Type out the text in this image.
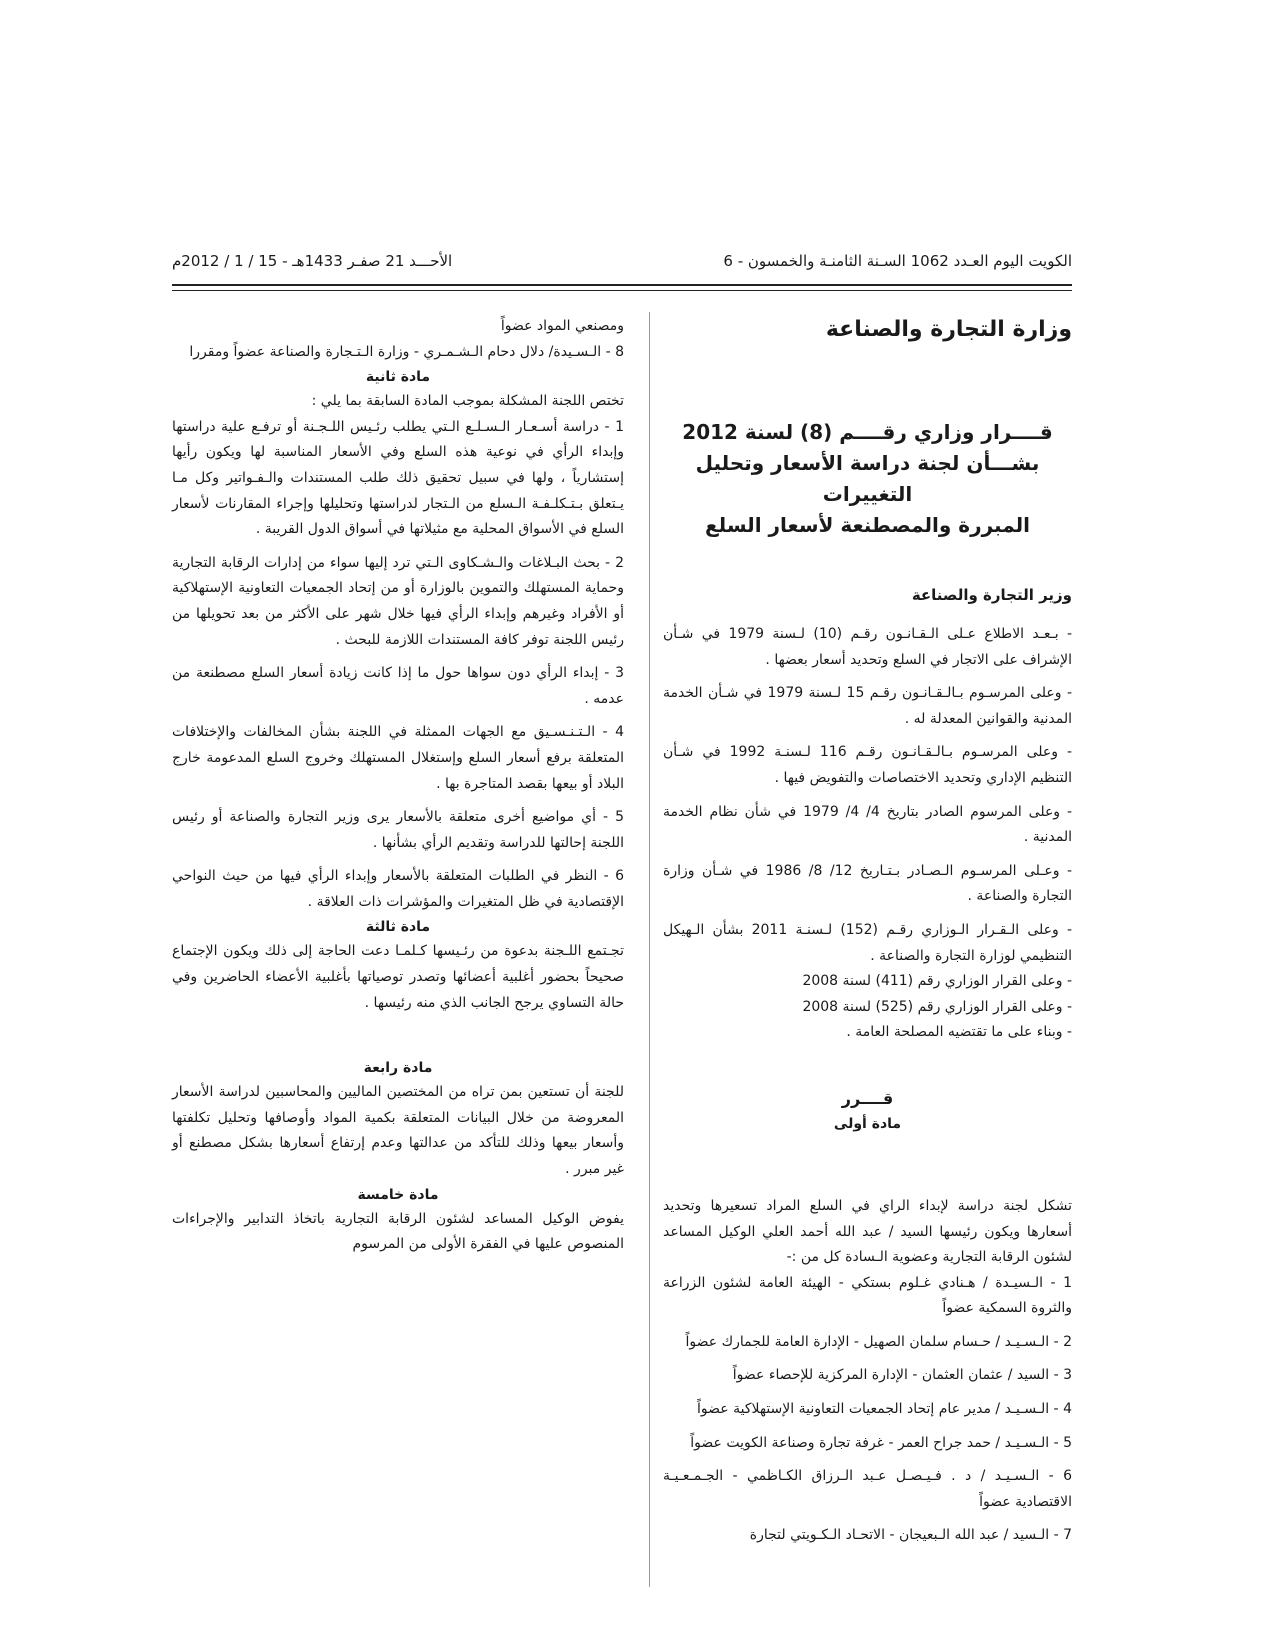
الأحـــد 21 صفـر 1433هـ - 15 / 1 / 2012م	الكويت اليوم العـدد 1062 السـنة الثامنـة والخمسون - 6

وزارة التجارة والصناعة

قــــرار وزاري رقــــم (8) لسنة 2012
بشـــأن لجنة دراسة الأسعار وتحليل التغييرات
المبررة والمصطنعة لأسعار السلع

وزير التجارة والصناعة

- بـعـد الاطلاع عـلى الـقـانـون رقـم (10) لـسنة 1979 في شـأن الإشراف على الاتجار في السلع وتحديد أسعار بعضها .

- وعلى المرسـوم بـالـقـانـون رقـم 15 لـسنة 1979 في شـأن الخدمة المدنية والقوانين المعدلة له .

- وعلى المرسـوم بـالـقـانـون رقـم 116 لـسنـة 1992 في شـأن التنظيم الإداري وتحديد الاختصاصات والتفويض فيها .

- وعلى المرسوم الصادر بتاريخ 4/ 4/ 1979 في شأن نظام الخدمة المدنية .

- وعـلى المرسـوم الـصـادر بـتـاريخ 12/ 8/ 1986 في شـأن وزارة التجارة والصناعة .

- وعلى الـقـرار الـوزاري رقـم (152) لـسنـة 2011 بشأن الـهيكل التنظيمي لوزارة التجارة والصناعة .

- وعلى القرار الوزاري رقم (411) لسنة 2008

- وعلى القرار الوزاري رقم (525) لسنة 2008

- وبناء على ما تقتضيه المصلحة العامة .

قــــرر

مادة أولى

تشكل لجنة دراسة لإبداء الراي في السلع المراد تسعيرها وتحديد أسعارها ويكون رئيسها السيد / عبد الله أحمد العلي الوكيل المساعد لشئون الرقابة التجارية وعضوية الـسادة كل من :-

1 - الـسيـدة / هـنادي غـلوم بستكي - الهيئة العامة لشئون الزراعة والثروة السمكية عضواً

2 - الـسـيـد / حـسام سلمان الصهيل - الإدارة العامة للجمارك عضواً

3 - السيد / عثمان العثمان - الإدارة المركزية للإحصاء عضواً

4 - الـسـيـد / مدير عام إتحاد الجمعيات التعاونية الإستهلاكية عضواً

5 - الـسـيـد / حمد جراح العمر - غرفة تجارة وصناعة الكويت عضواً

6 - الـسـيـد / د . فـيـصـل عـبد الـرزاق الكـاظمي - الجـمـعـيـة الاقتصادية عضواً

7 - الـسيد / عبد الله الـبعيجان - الاتحـاد الـكـويتي لتجارة

ومصنعي المواد عضواً

8 - الـسـيدة/ دلال دحام الـشـمـري - وزارة الـتـجارة والصناعة عضواً ومقررا

مادة ثانية

تختص اللجنة المشكلة بموجب المادة السابقة بما يلي :

1 - دراسة أسـعـار الـسـلـع الـتي يطلب رئـيس اللـجـنة أو ترفـع علية دراستها وإبداء الرأي في نوعية هذه السلع وفي الأسعار المناسبة لها ويكون رأيها إستشارياً ، ولها في سبيل تحقيق ذلك طلب المستندات والـفـواتير وكل مـا يـتعلق بـتـكلـفـة الـسلع من الـتجار لدراستها وتحليلها وإجراء المقارنات لأسعار السلع في الأسواق المحلية مع مثيلاتها في أسواق الدول القريبة .

2 - بحث البـلاغات والـشـكاوى الـتي ترد إليها سواء من إدارات الرقابة التجارية وحماية المستهلك والتموين بالوزارة أو من إتحاد الجمعيات التعاونية الإستهلاكية أو الأفراد وغيرهم وإبداء الرأي فيها خلال شهر على الأكثر من بعد تحويلها من رئيس اللجنة توفر كافة المستندات اللازمة للبحث .

3 - إبداء الرأي دون سواها حول ما إذا كانت زيادة أسعار السلع مصطنعة من عدمه .

4 - الـتـنـسـيق مع الجهات الممثلة في اللجنة بشأن المخالفات والإختلافات المتعلقة برفع أسعار السلع وإستغلال المستهلك وخروج السلع المدعومة خارج البلاد أو بيعها بقصد المتاجرة بها .

5 - أي مواضيع أخرى متعلقة بالأسعار يرى وزير التجارة والصناعة أو رئيس اللجنة إحالتها للدراسة وتقديم الرأي بشأنها .

6 - النظر في الطلبات المتعلقة بالأسعار وإبداء الرأي فيها من حيث النواحي الإقتصادية في ظل المتغيرات والمؤشرات ذات العلاقة .

مادة ثالثة

تجـتمع اللـجنة بدعوة من رئـيسها كـلمـا دعت الحاجة إلى ذلك ويكون الإجتماع صحيحاً بحضور أغلبية أعضائها وتصدر توصياتها بأغلبية الأعضاء الحاضرين وفي حالة التساوي يرجح الجانب الذي منه رئيسها .

مادة رابعة

للجنة أن تستعين بمن تراه من المختصين الماليين والمحاسبين لدراسة الأسعار المعروضة من خلال البيانات المتعلقة بكمية المواد وأوصافها وتحليل تكلفتها وأسعار بيعها وذلك للتأكد من عدالتها وعدم إرتفاع أسعارها بشكل مصطنع أو غير مبرر .

مادة خامسة

يفوض الوكيل المساعد لشئون الرقابة التجارية باتخاذ التدابير والإجراءات المنصوص عليها في الفقرة الأولى من المرسوم
